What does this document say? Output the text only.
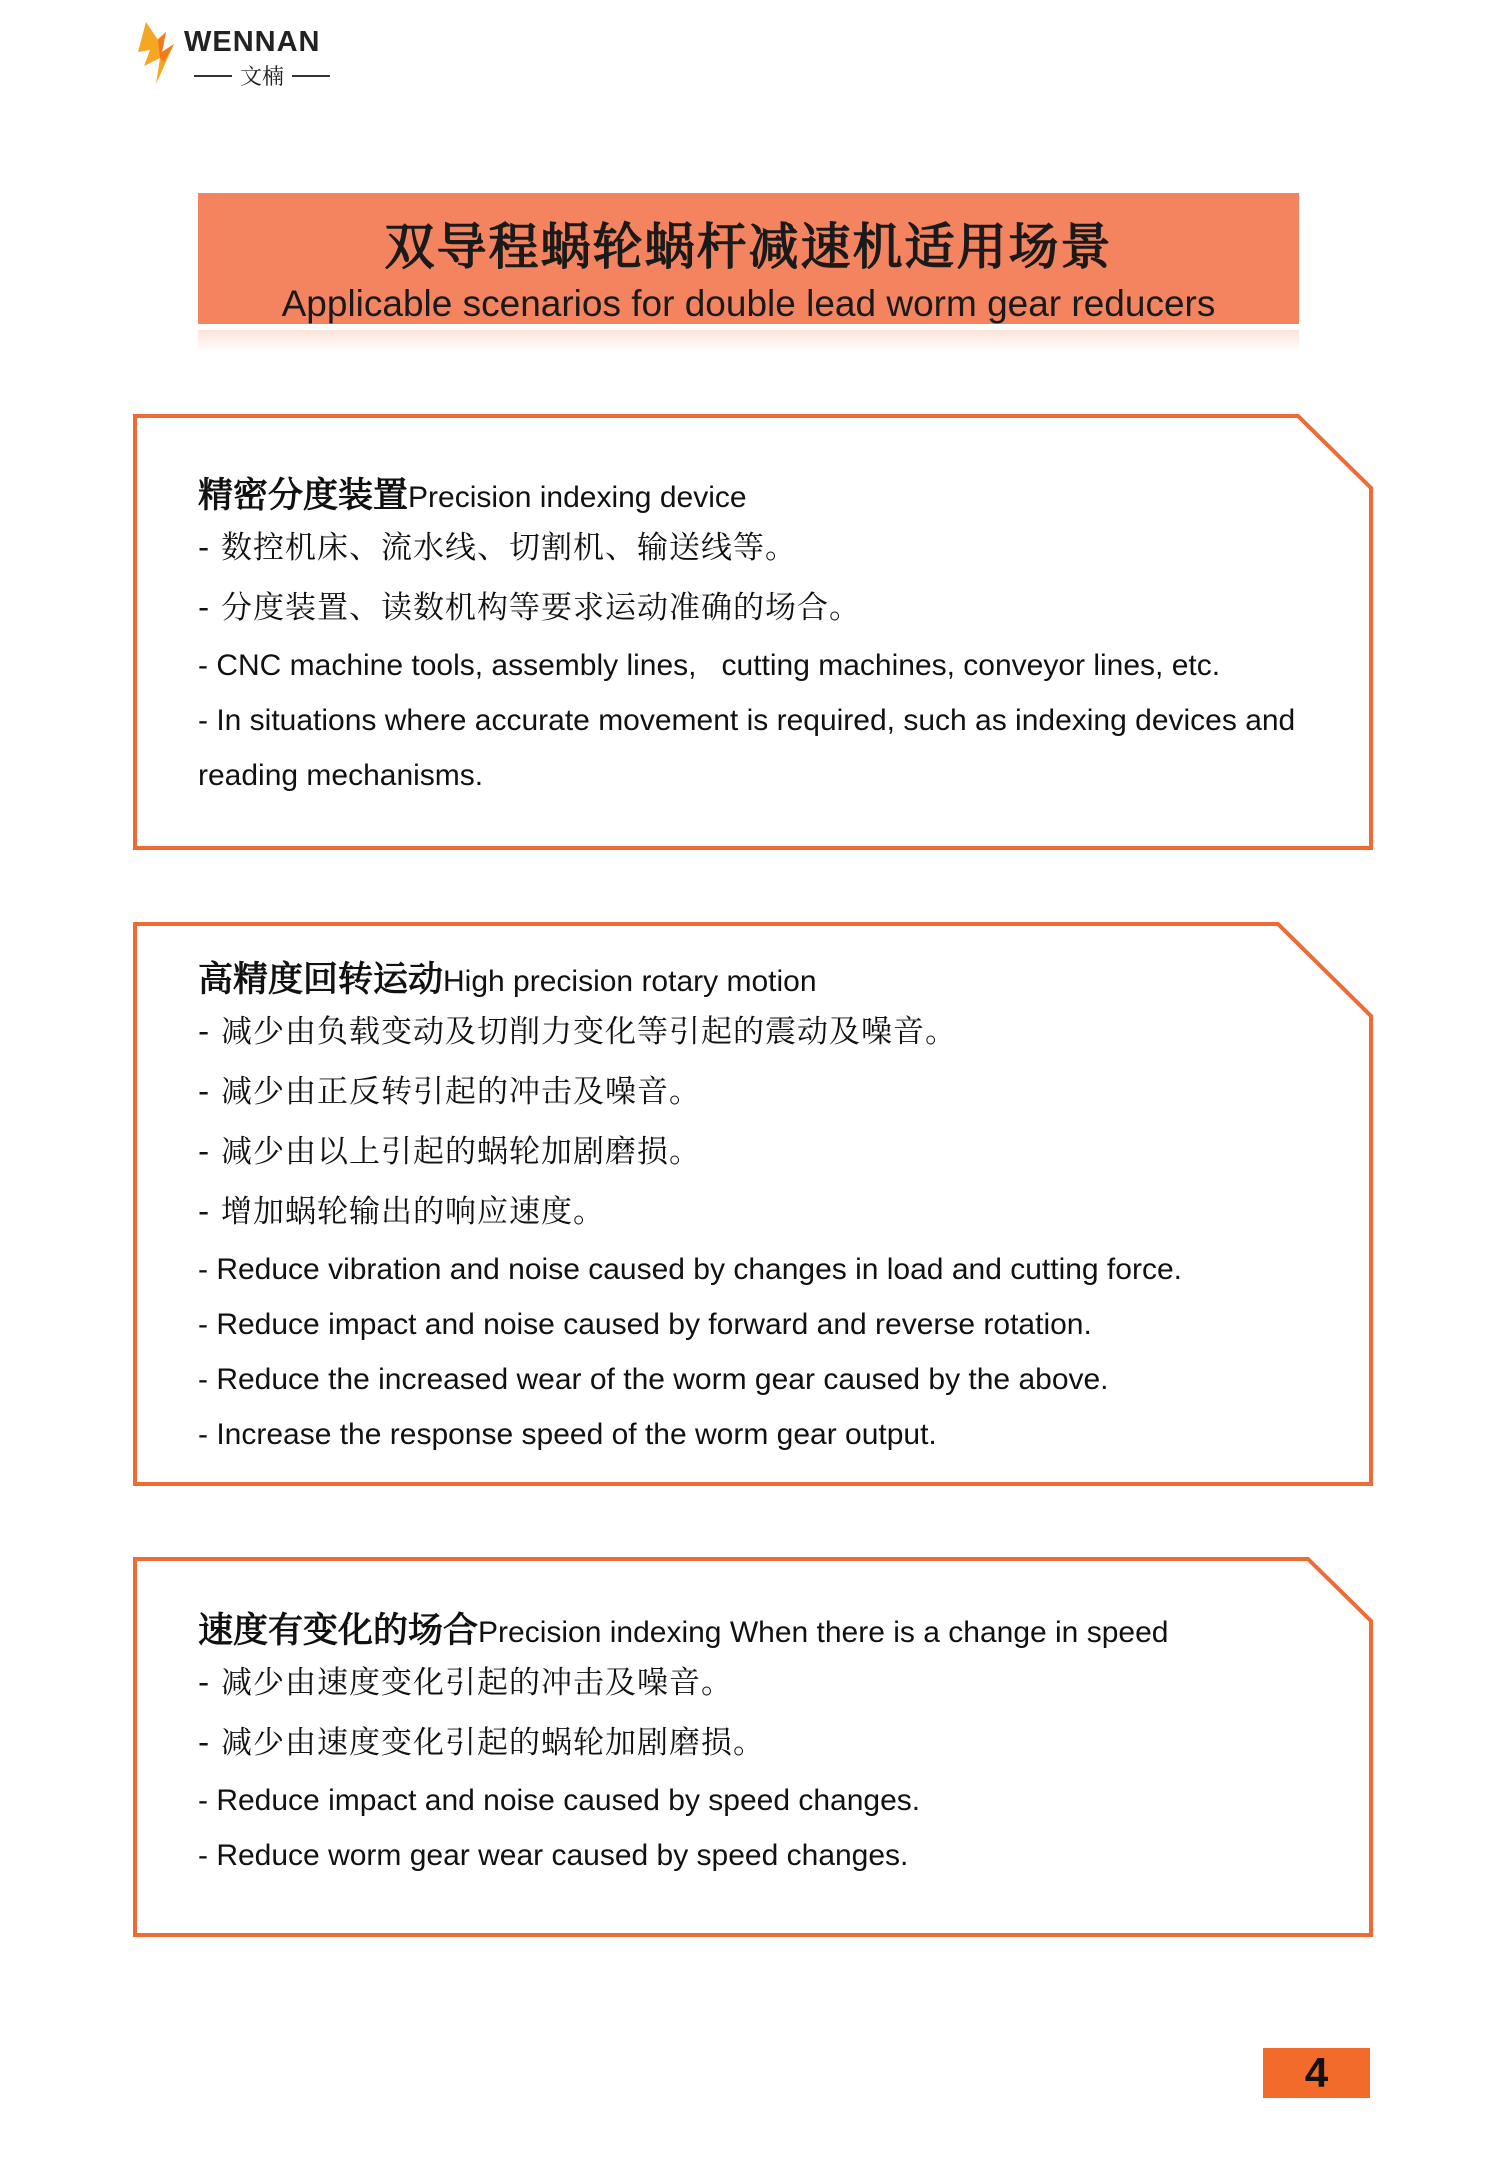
WENNAN
文楠
双导程蜗轮蜗杆减速机适用场景
Applicable scenarios for double lead worm gear reducers

精密分度装置Precision indexing device

- 数控机床、流水线、切割机、输送线等。

- 分度装置、读数机构等要求运动准确的场合。

- CNC machine tools, assembly lines,   cutting machines, conveyor lines, etc.

- In situations where accurate movement is required, such as indexing devices and

reading mechanisms.

高精度回转运动High precision rotary motion

- 减少由负载变动及切削力变化等引起的震动及噪音。

- 减少由正反转引起的冲击及噪音。

- 减少由以上引起的蜗轮加剧磨损。

- 增加蜗轮输出的响应速度。

- Reduce vibration and noise caused by changes in load and cutting force.

- Reduce impact and noise caused by forward and reverse rotation.

- Reduce the increased wear of the worm gear caused by the above.

- Increase the response speed of the worm gear output.

速度有变化的场合Precision indexing When there is a change in speed

- 减少由速度变化引起的冲击及噪音。

- 减少由速度变化引起的蜗轮加剧磨损。

- Reduce impact and noise caused by speed changes.

- Reduce worm gear wear caused by speed changes.

4
